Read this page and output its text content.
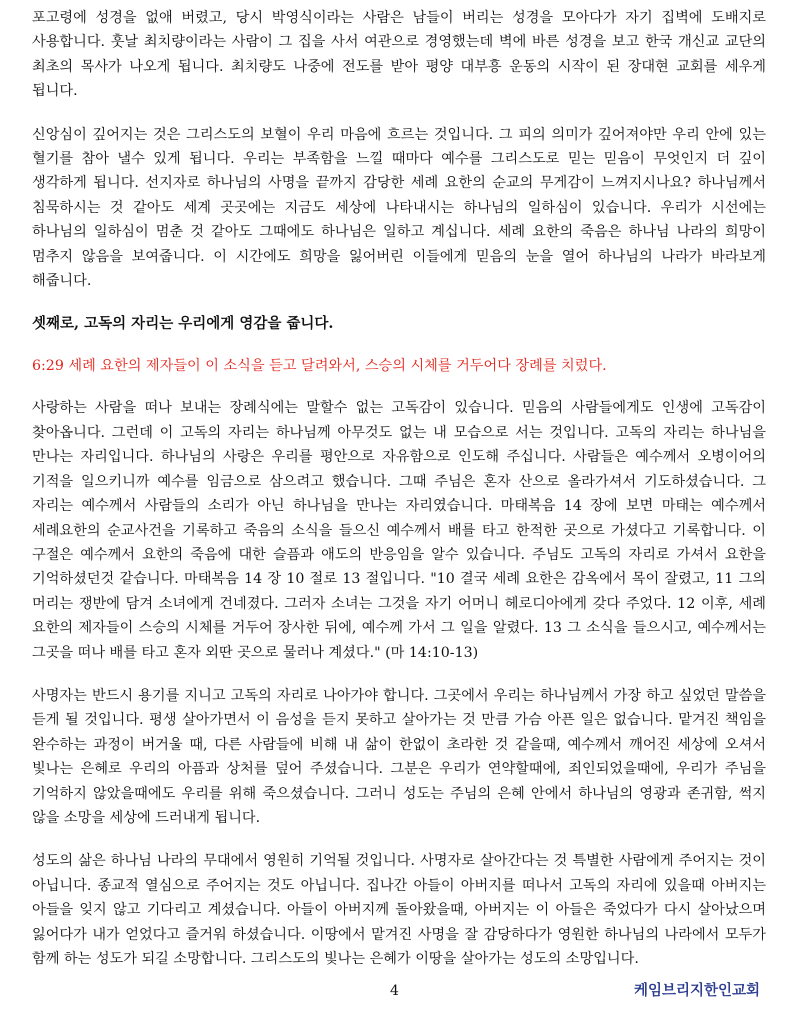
포고령에 성경을 없애 버렸고, 당시 박영식이라는 사람은 남들이 버리는 성경을 모아다가 자기 집벽에 도배지로 사용합니다. 훗날 최치량이라는 사람이 그 집을 사서 여관으로 경영했는데 벽에 바른 성경을 보고 한국 개신교 교단의 최초의 목사가 나오게 됩니다. 최치량도 나중에 전도를 받아 평양 대부흥 운동의 시작이 된 장대현 교회를 세우게 됩니다.

신앙심이 깊어지는 것은 그리스도의 보혈이 우리 마음에 흐르는 것입니다. 그 피의 의미가 깊어져야만 우리 안에 있는 혈기를 참아 낼수 있게 됩니다. 우리는 부족함을 느낄 때마다 예수를 그리스도로 믿는 믿음이 무엇인지 더 깊이 생각하게 됩니다. 선지자로 하나님의 사명을 끝까지 감당한 세례 요한의 순교의 무게감이 느껴지시나요? 하나님께서 침묵하시는 것 같아도 세계 곳곳에는 지금도 세상에 나타내시는 하나님의 일하심이 있습니다. 우리가 시선에는 하나님의 일하심이 멈춘 것 같아도 그때에도 하나님은 일하고 계십니다. 세례 요한의 죽음은 하나님 나라의 희망이 멈추지 않음을 보여줍니다. 이 시간에도 희망을 잃어버린 이들에게 믿음의 눈을 열어 하나님의 나라가 바라보게 해줍니다.

셋째로, 고독의 자리는 우리에게 영감을 줍니다.

6:29 세례 요한의 제자들이 이 소식을 듣고 달려와서, 스승의 시체를 거두어다 장례를 치렀다.

사랑하는 사람을 떠나 보내는 장례식에는 말할수 없는 고독감이 있습니다. 믿음의 사람들에게도 인생에 고독감이 찾아옵니다. 그런데 이 고독의 자리는 하나님께 아무것도 없는 내 모습으로 서는 것입니다. 고독의 자리는 하나님을 만나는 자리입니다. 하나님의 사랑은 우리를 평안으로 자유함으로 인도해 주십니다. 사람들은 예수께서 오병이어의 기적을 일으키니까 예수를 임금으로 삼으려고 했습니다. 그때 주님은 혼자 산으로 올라가셔서 기도하셨습니다. 그 자리는 예수께서 사람들의 소리가 아닌 하나님을 만나는 자리였습니다. 마태복음 14 장에 보면 마태는 예수께서 세례요한의 순교사건을 기록하고 죽음의 소식을 들으신 예수께서 배를 타고 한적한 곳으로 가셨다고 기록합니다. 이 구절은 예수께서 요한의 죽음에 대한 슬픔과 애도의 반응임을 알수 있습니다. 주님도 고독의 자리로 가셔서 요한을 기억하셨던것 같습니다. 마태복음 14 장 10 절로 13 절입니다. "10 결국 세례 요한은 감옥에서 목이 잘렸고, 11 그의 머리는 쟁반에 담겨 소녀에게 건네졌다. 그러자 소녀는 그것을 자기 어머니 헤로디아에게 갖다 주었다. 12 이후, 세례 요한의 제자들이 스승의 시체를 거두어 장사한 뒤에, 예수께 가서 그 일을 알렸다. 13 그 소식을 들으시고, 예수께서는 그곳을 떠나 배를 타고 혼자 외딴 곳으로 물러나 계셨다." (마 14:10-13)

사명자는 반드시 용기를 지니고 고독의 자리로 나아가야 합니다. 그곳에서 우리는 하나님께서 가장 하고 싶었던 말씀을 듣게 될 것입니다. 평생 살아가면서 이 음성을 듣지 못하고 살아가는 것 만큼 가슴 아픈 일은 없습니다. 맡겨진 책임을 완수하는 과정이 버거울 때, 다른 사람들에 비해 내 삶이 한없이 초라한 것 같을때, 예수께서 깨어진 세상에 오셔서 빛나는 은혜로 우리의 아픔과 상처를 덮어 주셨습니다. 그분은 우리가 연약할때에, 죄인되었을때에, 우리가 주님을 기억하지 않았을때에도 우리를 위해 죽으셨습니다. 그러니 성도는 주님의 은혜 안에서 하나님의 영광과 존귀함, 썩지 않을 소망을 세상에 드러내게 됩니다.

성도의 삶은 하나님 나라의 무대에서 영원히 기억될 것입니다. 사명자로 살아간다는 것 특별한 사람에게 주어지는 것이 아닙니다. 종교적 열심으로 주어지는 것도 아닙니다. 집나간 아들이 아버지를 떠나서 고독의 자리에 있을때 아버지는 아들을 잊지 않고 기다리고 계셨습니다. 아들이 아버지께 돌아왔을때, 아버지는 이 아들은 죽었다가 다시 살아났으며 잃어다가 내가 얻었다고 즐거워 하셨습니다. 이땅에서 맡겨진 사명을 잘 감당하다가 영원한 하나님의 나라에서 모두가 함께 하는 성도가 되길 소망합니다. 그리스도의 빛나는 은혜가 이땅을 살아가는 성도의 소망입니다.

4	케임브리지한인교회
